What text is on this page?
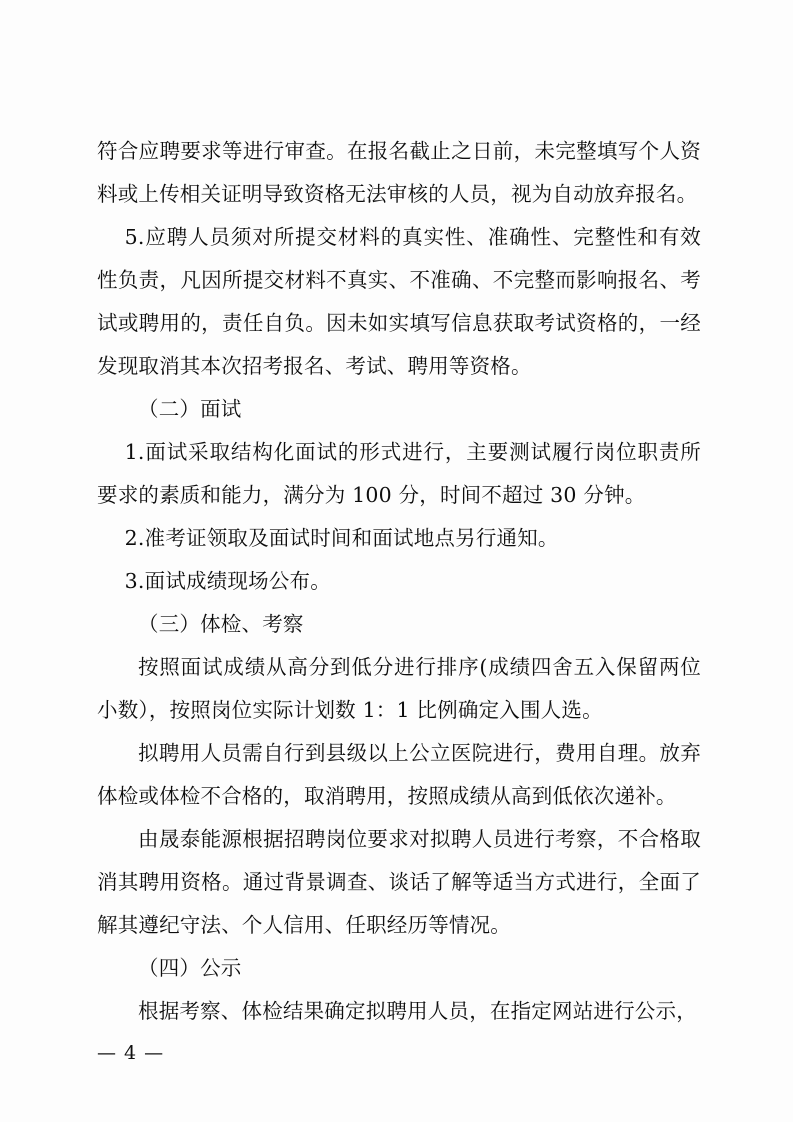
符合应聘要求等进行审查。在报名截止之日前，未完整填写个人资料或上传相关证明导致资格无法审核的人员，视为自动放弃报名。

5.应聘人员须对所提交材料的真实性、准确性、完整性和有效性负责，凡因所提交材料不真实、不准确、不完整而影响报名、考试或聘用的，责任自负。因未如实填写信息获取考试资格的，一经发现取消其本次招考报名、考试、聘用等资格。

（二）面试

1.面试采取结构化面试的形式进行，主要测试履行岗位职责所要求的素质和能力，满分为 100 分，时间不超过 30 分钟。

2.准考证领取及面试时间和面试地点另行通知。

3.面试成绩现场公布。

（三）体检、考察

按照面试成绩从高分到低分进行排序(成绩四舍五入保留两位小数），按照岗位实际计划数 1：1 比例确定入围人选。

拟聘用人员需自行到县级以上公立医院进行，费用自理。放弃体检或体检不合格的，取消聘用，按照成绩从高到低依次递补。

由晟泰能源根据招聘岗位要求对拟聘人员进行考察，不合格取消其聘用资格。通过背景调查、谈话了解等适当方式进行，全面了解其遵纪守法、个人信用、任职经历等情况。

（四）公示

根据考察、体检结果确定拟聘用人员，在指定网站进行公示，

— 4 —
